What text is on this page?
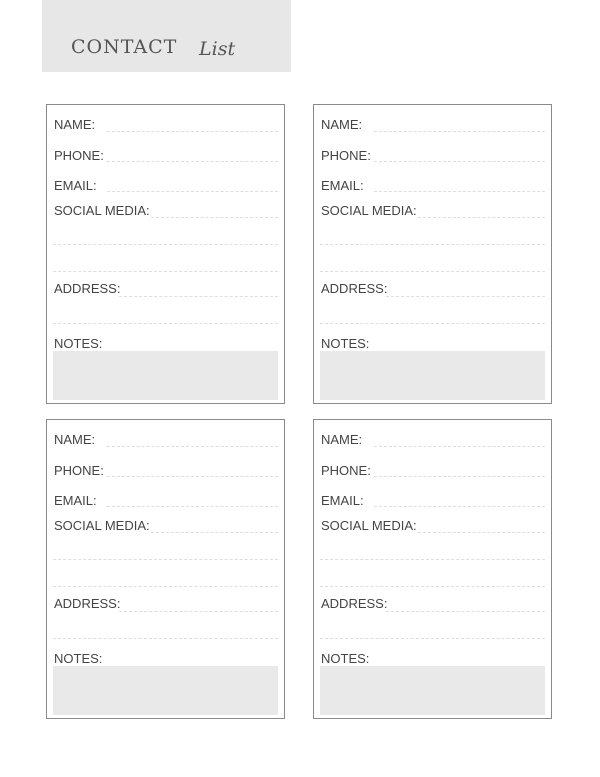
CONTACT List
NAME:
PHONE:
EMAIL:
SOCIAL MEDIA:
ADDRESS:
NOTES:
NAME:
PHONE:
EMAIL:
SOCIAL MEDIA:
ADDRESS:
NOTES:
NAME:
PHONE:
EMAIL:
SOCIAL MEDIA:
ADDRESS:
NOTES:
NAME:
PHONE:
EMAIL:
SOCIAL MEDIA:
ADDRESS:
NOTES:
